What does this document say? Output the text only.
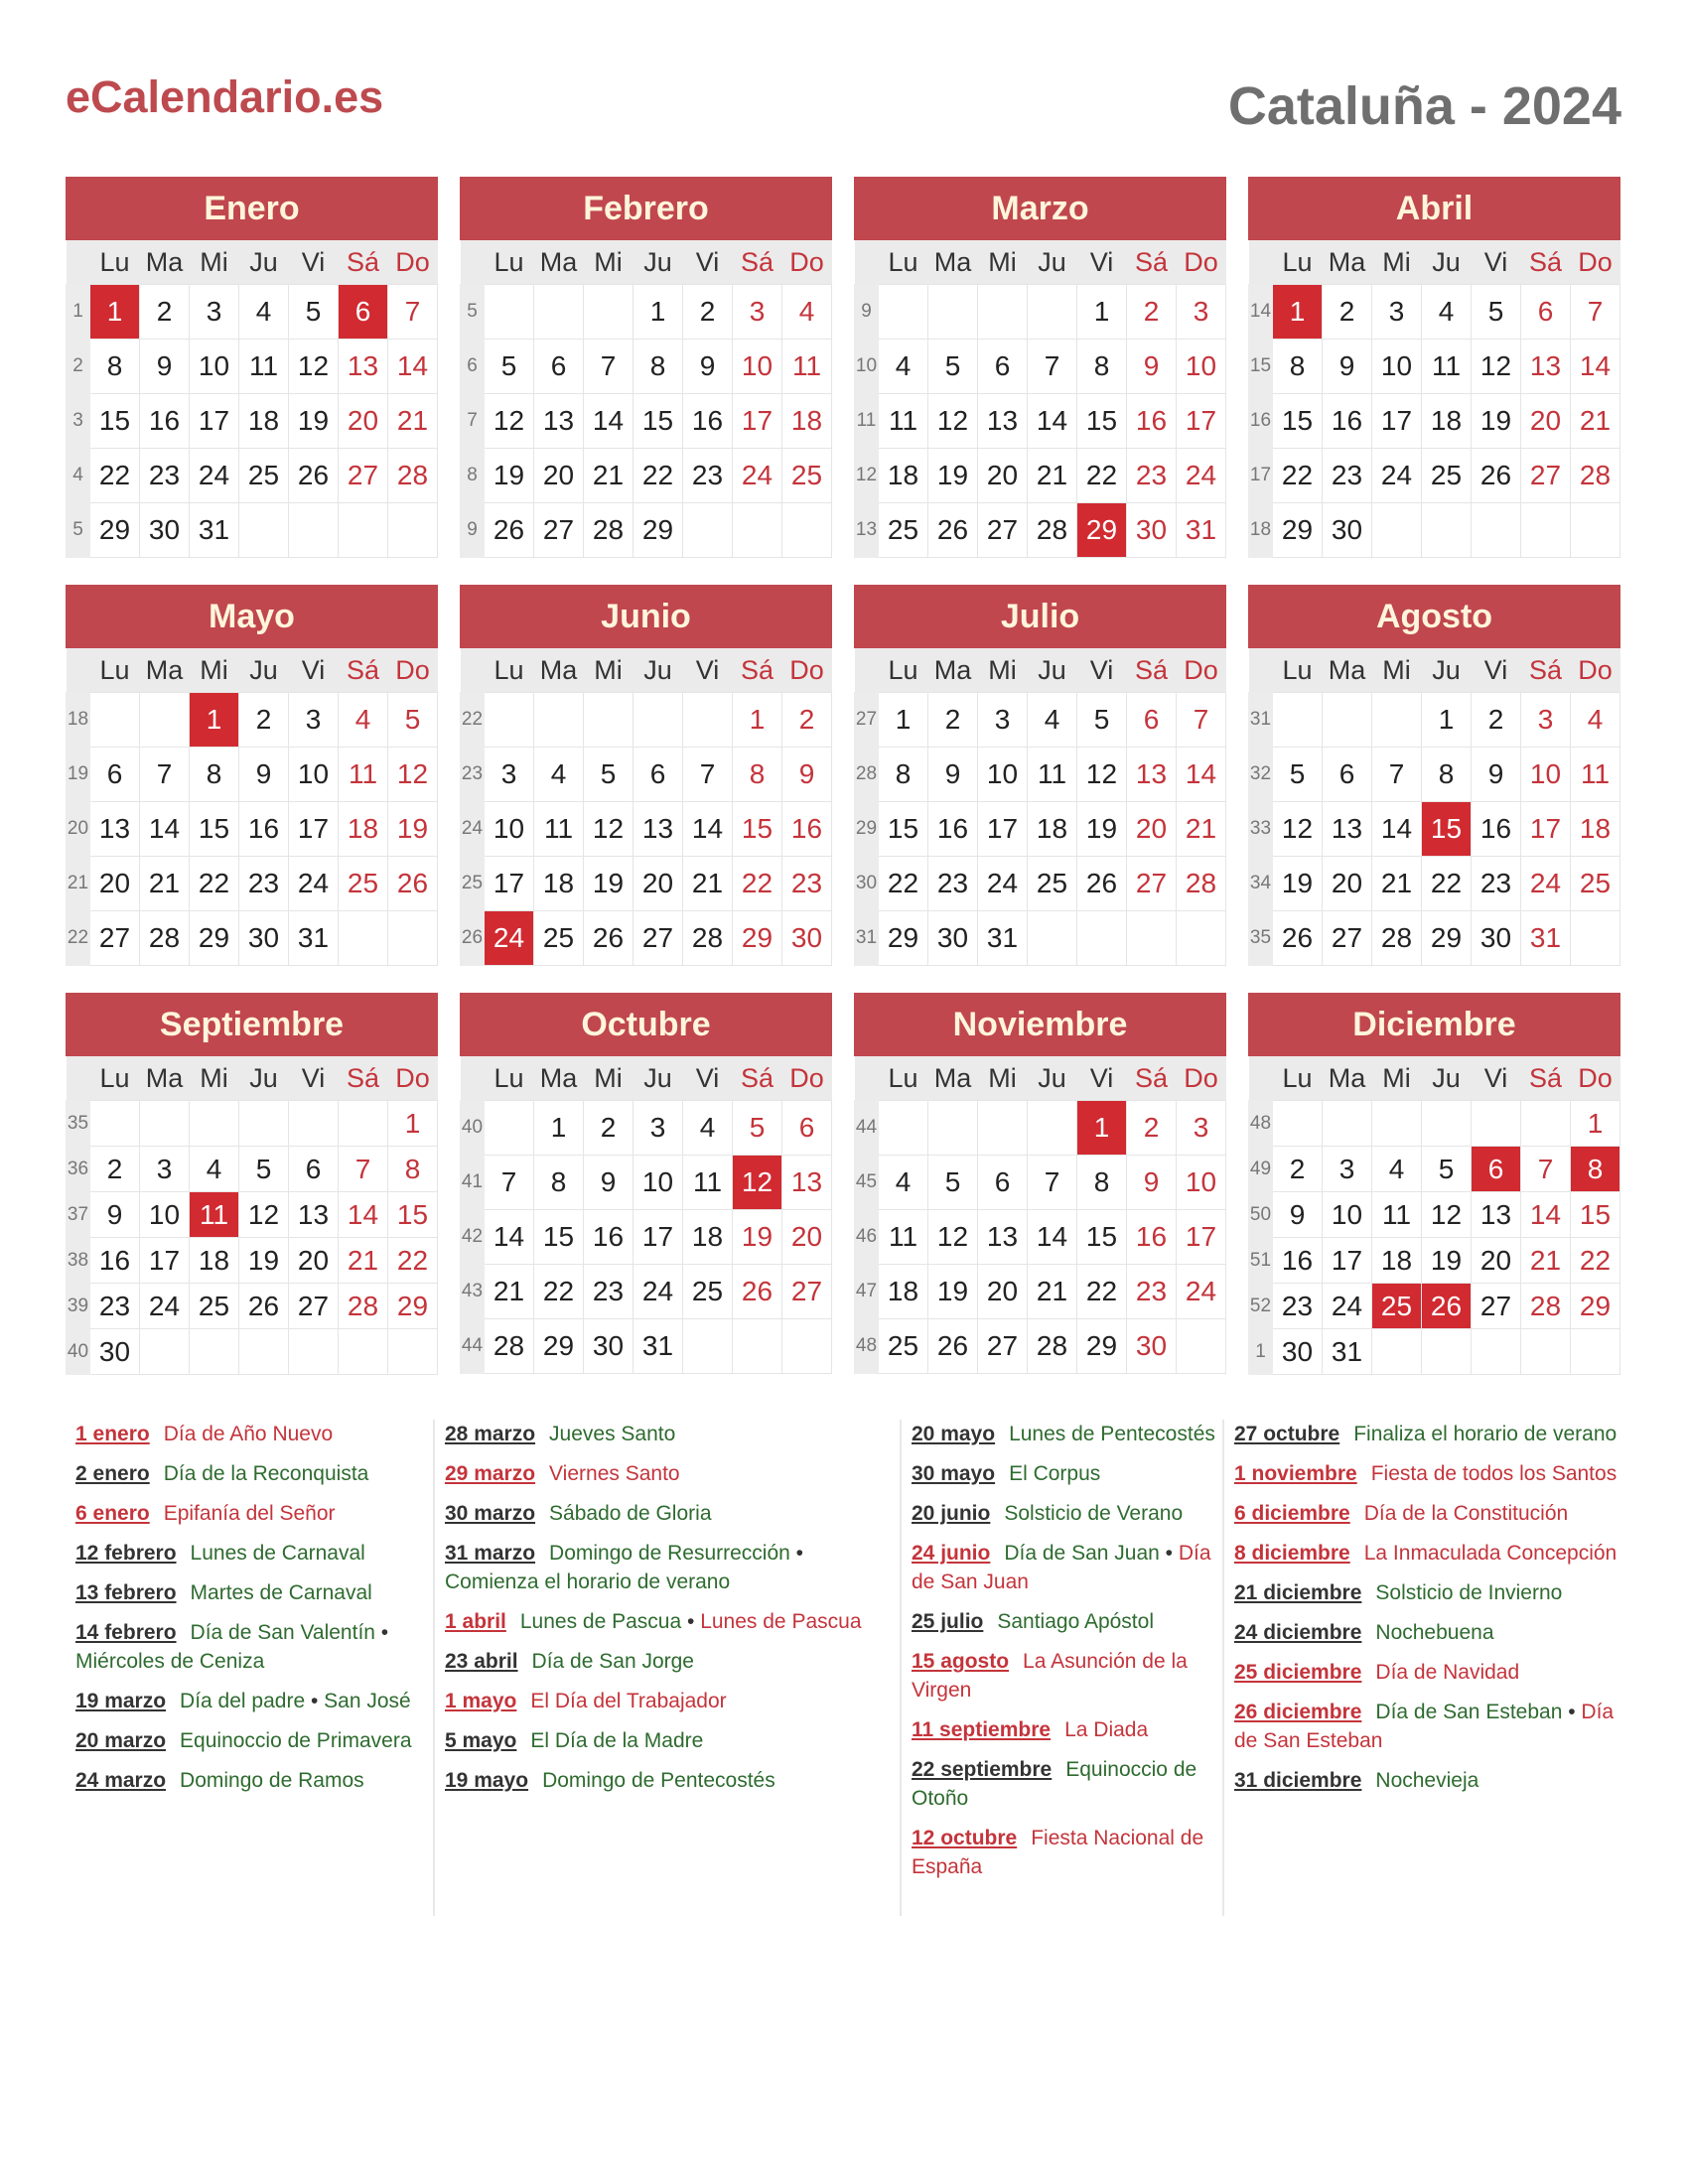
eCalendario.es	Cataluña - 2024
Enero
	Lu	Ma	Mi	Ju	Vi	Sá	Do
1	1	2	3	4	5	6	7
2	8	9	10	11	12	13	14
3	15	16	17	18	19	20	21
4	22	23	24	25	26	27	28
5	29	30	31				
Febrero
	Lu	Ma	Mi	Ju	Vi	Sá	Do
5				1	2	3	4
6	5	6	7	8	9	10	11
7	12	13	14	15	16	17	18
8	19	20	21	22	23	24	25
9	26	27	28	29			
Marzo
	Lu	Ma	Mi	Ju	Vi	Sá	Do
9					1	2	3
10	4	5	6	7	8	9	10
11	11	12	13	14	15	16	17
12	18	19	20	21	22	23	24
13	25	26	27	28	29	30	31
Abril
	Lu	Ma	Mi	Ju	Vi	Sá	Do
14	1	2	3	4	5	6	7
15	8	9	10	11	12	13	14
16	15	16	17	18	19	20	21
17	22	23	24	25	26	27	28
18	29	30					
Mayo
	Lu	Ma	Mi	Ju	Vi	Sá	Do
18			1	2	3	4	5
19	6	7	8	9	10	11	12
20	13	14	15	16	17	18	19
21	20	21	22	23	24	25	26
22	27	28	29	30	31		
Junio
	Lu	Ma	Mi	Ju	Vi	Sá	Do
22						1	2
23	3	4	5	6	7	8	9
24	10	11	12	13	14	15	16
25	17	18	19	20	21	22	23
26	24	25	26	27	28	29	30
Julio
	Lu	Ma	Mi	Ju	Vi	Sá	Do
27	1	2	3	4	5	6	7
28	8	9	10	11	12	13	14
29	15	16	17	18	19	20	21
30	22	23	24	25	26	27	28
31	29	30	31				
Agosto
	Lu	Ma	Mi	Ju	Vi	Sá	Do
31				1	2	3	4
32	5	6	7	8	9	10	11
33	12	13	14	15	16	17	18
34	19	20	21	22	23	24	25
35	26	27	28	29	30	31	
Septiembre
	Lu	Ma	Mi	Ju	Vi	Sá	Do
35							1
36	2	3	4	5	6	7	8
37	9	10	11	12	13	14	15
38	16	17	18	19	20	21	22
39	23	24	25	26	27	28	29
40	30						
Octubre
	Lu	Ma	Mi	Ju	Vi	Sá	Do
40		1	2	3	4	5	6
41	7	8	9	10	11	12	13
42	14	15	16	17	18	19	20
43	21	22	23	24	25	26	27
44	28	29	30	31			
Noviembre
	Lu	Ma	Mi	Ju	Vi	Sá	Do
44					1	2	3
45	4	5	6	7	8	9	10
46	11	12	13	14	15	16	17
47	18	19	20	21	22	23	24
48	25	26	27	28	29	30	
Diciembre
	Lu	Ma	Mi	Ju	Vi	Sá	Do
48							1
49	2	3	4	5	6	7	8
50	9	10	11	12	13	14	15
51	16	17	18	19	20	21	22
52	23	24	25	26	27	28	29
1	30	31					
1 enero Día de Año Nuevo
2 enero Día de la Reconquista
6 enero Epifanía del Señor
12 febrero Lunes de Carnaval
13 febrero Martes de Carnaval
14 febrero Día de San Valentín • Miércoles de Ceniza
19 marzo Día del padre • San José
20 marzo Equinoccio de Primavera
24 marzo Domingo de Ramos
28 marzo Jueves Santo
29 marzo Viernes Santo
30 marzo Sábado de Gloria
31 marzo Domingo de Resurrección • Comienza el horario de verano
1 abril Lunes de Pascua • Lunes de Pascua
23 abril Día de San Jorge
1 mayo El Día del Trabajador
5 mayo El Día de la Madre
19 mayo Domingo de Pentecostés
20 mayo Lunes de Pentecostés
30 mayo El Corpus
20 junio Solsticio de Verano
24 junio Día de San Juan • Día de San Juan
25 julio Santiago Apóstol
15 agosto La Asunción de la Virgen
11 septiembre La Diada
22 septiembre Equinoccio de Otoño
12 octubre Fiesta Nacional de España
27 octubre Finaliza el horario de verano
1 noviembre Fiesta de todos los Santos
6 diciembre Día de la Constitución
8 diciembre La Inmaculada Concepción
21 diciembre Solsticio de Invierno
24 diciembre Nochebuena
25 diciembre Día de Navidad
26 diciembre Día de San Esteban • Día de San Esteban
31 diciembre Nochevieja
